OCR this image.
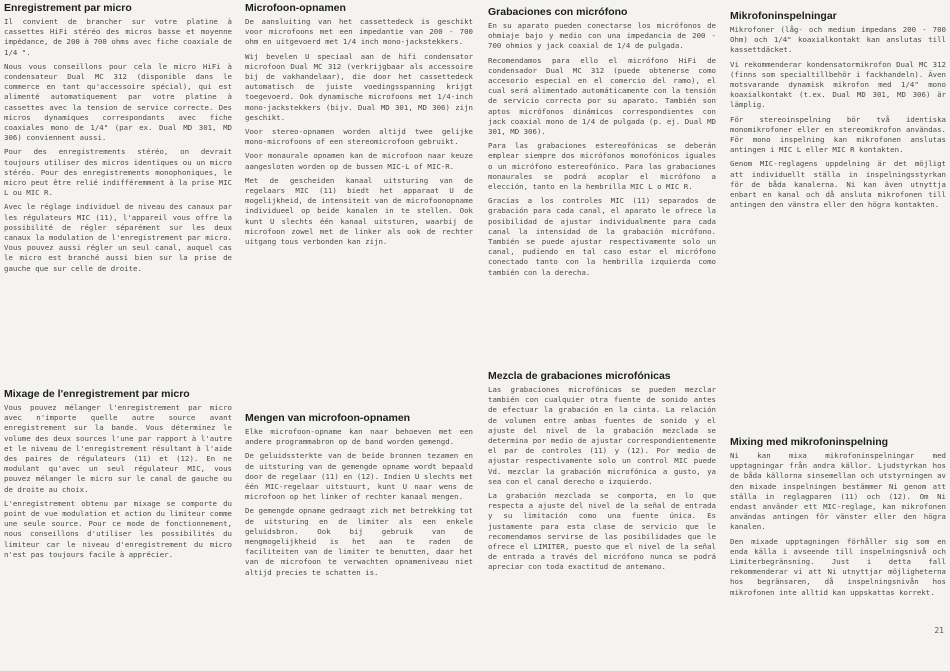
Enregistrement par micro

Il convient de brancher sur votre platine à cassettes HiFi stéréo des micros basse et moyenne impédance, de 200 à 700 ohms avec fiche coaxiale de 1/4 ".

Nous vous conseillons pour cela le micro HiFi à condensateur Dual MC 312 (disponible dans le commerce en tant qu'accessoire spécial), qui est alimenté automatiquement par votre platine à cassettes avec la tension de service correcte. Des micros dynamiques correspondants avec fiche coaxiales mono de 1/4" (par ex. Dual MD 301, MD 306) conviennent aussi.

Pour des enregistrements stéréo, on devrait toujours utiliser des micros identiques ou un micro stéréo. Pour des enregistrements monophoniques, le micro peut être relié indifféremment à la prise MIC L ou MIC R.

Avec le réglage individuel de niveau des canaux par les régulateurs MIC (11), l'appareil vous offre la possibilité de régler séparément sur les deux canaux la modulation de l'enregistrement par micro. Vous pouvez aussi régler un seul canal, auquel cas le micro est branché aussi bien sur la prise de gauche que sur celle de droite.

Mixage de l'enregistrement par micro

Vous pouvez mélanger l'enregistrement par micro avec n'importe quelle autre source avant enregistrement sur la bande. Vous déterminez le volume des deux sources l'une par rapport à l'autre et le niveau de l'enregistrement résultant à l'aide des paires de régulateurs (11) et (12). En ne modulant qu'avec un seul régulateur MIC, vous pouvez mélanger le micro sur le canal de gauche ou de droite au choix.

L'enregistrement obtenu par mixage se comporte du point de vue modulation et action du limiteur comme une seule source. Pour ce mode de fonctionnement, nous conseillons d'utiliser les possibilités du limiteur car le niveau d'enregistrement du micro n'est pas toujours facile à apprécier.

Microfoon-opnamen

De aansluiting van het cassettedeck is geschikt voor microfoons met een impedantie van 200 - 700 ohm en uitgevoerd met 1/4 inch mono-jackstekkers.

Wij bevelen U speciaal aan de hifi condensator microfoon Dual MC 312 (verkrijgbaar als accessoire bij de vakhandelaar), die door het cassettedeck automatisch de juiste voedingsspanning krijgt toegevoerd. Ook dynamische microfoons met 1/4-inch mono-jackstekkers (bijv. Dual MD 301, MD 306) zijn geschikt.

Voor stereo-opnamen worden altijd twee gelijke mono-microfoons of een stereomicrofoon gebruikt.

Voor monaurale opnamen kan de microfoon naar keuze aangesloten worden op de bussen MIC-L of MIC-R.

Met de gescheiden kanaal uitsturing van de regelaars MIC (11) biedt het apparaat U de mogelijkheid, de intensiteit van de microfoonopname individueel op beide kanalen in te stellen. Ook kunt U slechts één kanaal uitsturen, waarbij de microfoon zowel met de linker als ook de rechter uitgang tous verbonden kan zijn.

Mengen van microfoon-opnamen

Elke microfoon-opname kan naar behoeven met een andere programmabron op de band worden gemengd.

De geluidssterkte van de beide bronnen tezamen en de uitsturing van de gemengde opname wordt bepaald door de regelaar (11) en (12). Indien U slechts met één MIC-regelaar uitstuurt, kunt U naar wens de microfoon op het linker of rechter kanaal mengen.

De gemengde opname gedraagt zich met betrekking tot de uitsturing en de limiter als een enkele geluidsbron. Ook bij gebruik van de mengmogelijkheid is het aan te raden de faciliteiten van de limiter te benutten, daar het van de microfoon te verwachten opnameniveau niet altijd precies te schatten is.

Grabaciones con micrófono

En su aparato pueden conectarse los micrófonos de ohmiaje bajo y medio con una impedancia de 200 - 700 ohmios y jack coaxial de 1/4 de pulgada.

Recomendamos para ello el micrófono HiFi de condensador Dual MC 312 (puede obtenerse como accesorio especial en el comercio del ramo), el cual será alimentado automáticamente con la tensión de servicio correcta por su aparato. También son aptos micrófonos dinámicos correspondientes con jack coaxial mono de 1/4 de pulgada (p. ej. Dual MD 301, MD 306).

Para las grabaciones estereofónicas se deberán emplear siempre dos micrófonos monofónicos iguales o un micrófono estereofónico. Para las grabaciones monaurales se podrá acoplar el micrófono a elección, tanto en la hembrilla MIC L o MIC R.

Gracias a los controles MIC (11) separados de grabación para cada canal, el aparato le ofrece la posibilidad de ajustar individualmente para cada canal la intensidad de la grabación micrófono. También se puede ajustar respectivamente solo un canal, pudiendo en tal caso estar el micrófono conectado tanto con la hembrilla izquierda como también con la derecha.

Mezcla de grabaciones microfónicas

Las grabaciones microfónicas se pueden mezclar también con cualquier otra fuente de sonido antes de efectuar la grabación en la cinta. La relación de volumen entre ambas fuentes de sonido y el ajuste del nivel de la grabación mezclada se determina por medio de ajustar correspondientemente el par de controles (11) y (12). Por medio de ajustar respectivamente solo un control MIC puede Vd. mezclar la grabación microfónica a gusto, ya sea con el canal derecho o izquierdo.

La grabación mezclada se comporta, en lo que respecta a ajuste del nivel de la señal de entrada y su limitación como una fuente única. Es justamente para esta clase de servicio que le recomendamos servirse de las posibilidades que le ofrece el LIMITER, puesto que el nivel de la señal de entrada a través del micrófono nunca se podrá apreciar con toda exactitud de antemano.

Mikrofoninspelningar

Mikrofoner (låg- och medium impedans 200 - 700 Ohm) och 1/4" koaxialkontakt kan anslutas till kassettdäcket.

Vi rekommenderar kondensatormikrofon Dual MC 312 (finns som specialtillbehör i fackhandeln). Även motsvarande dynamisk mikrofon med 1/4" mono koaxialkontakt (t.ex. Dual MD 301, MD 306) är lämplig.

För stereoinspelning bör två identiska monomikrofoner eller en stereomikrofon användas. För mono inspelning kan mikrofonen anslutas antingen i MIC L eller MIC R kontakten.

Genom MIC-reglagens uppdelning är det möjligt att individuellt ställa in inspelningsstyrkan för de båda kanalerna. Ni kan även utnyttja enbart en kanal och då ansluta mikrofonen till antingen den vänstra eller den högra kontakten.

Mixing med mikrofoninspelning

Ni kan mixa mikrofoninspelningar med upptagningar från andra källor. Ljudstyrkan hos de båda källorna sinsemellan och utstyrningen av den mixade inspelningen bestämmer Ni genom att ställa in reglagparen (11) och (12). Om Ni endast använder ett MIC-reglage, kan mikrofonen användas antingen för vänster eller den högra kanalen.

Den mixade upptagningen förhåller sig som en enda källa i avseende till inspelningsnivå och Limiterbegränsning. Just i detta fall rekommenderar vi att Ni utnyttjar möjligheterna hos begränsaren, då inspelningsnivån hos mikrofonen inte alltid kan uppskattas korrekt.

21
